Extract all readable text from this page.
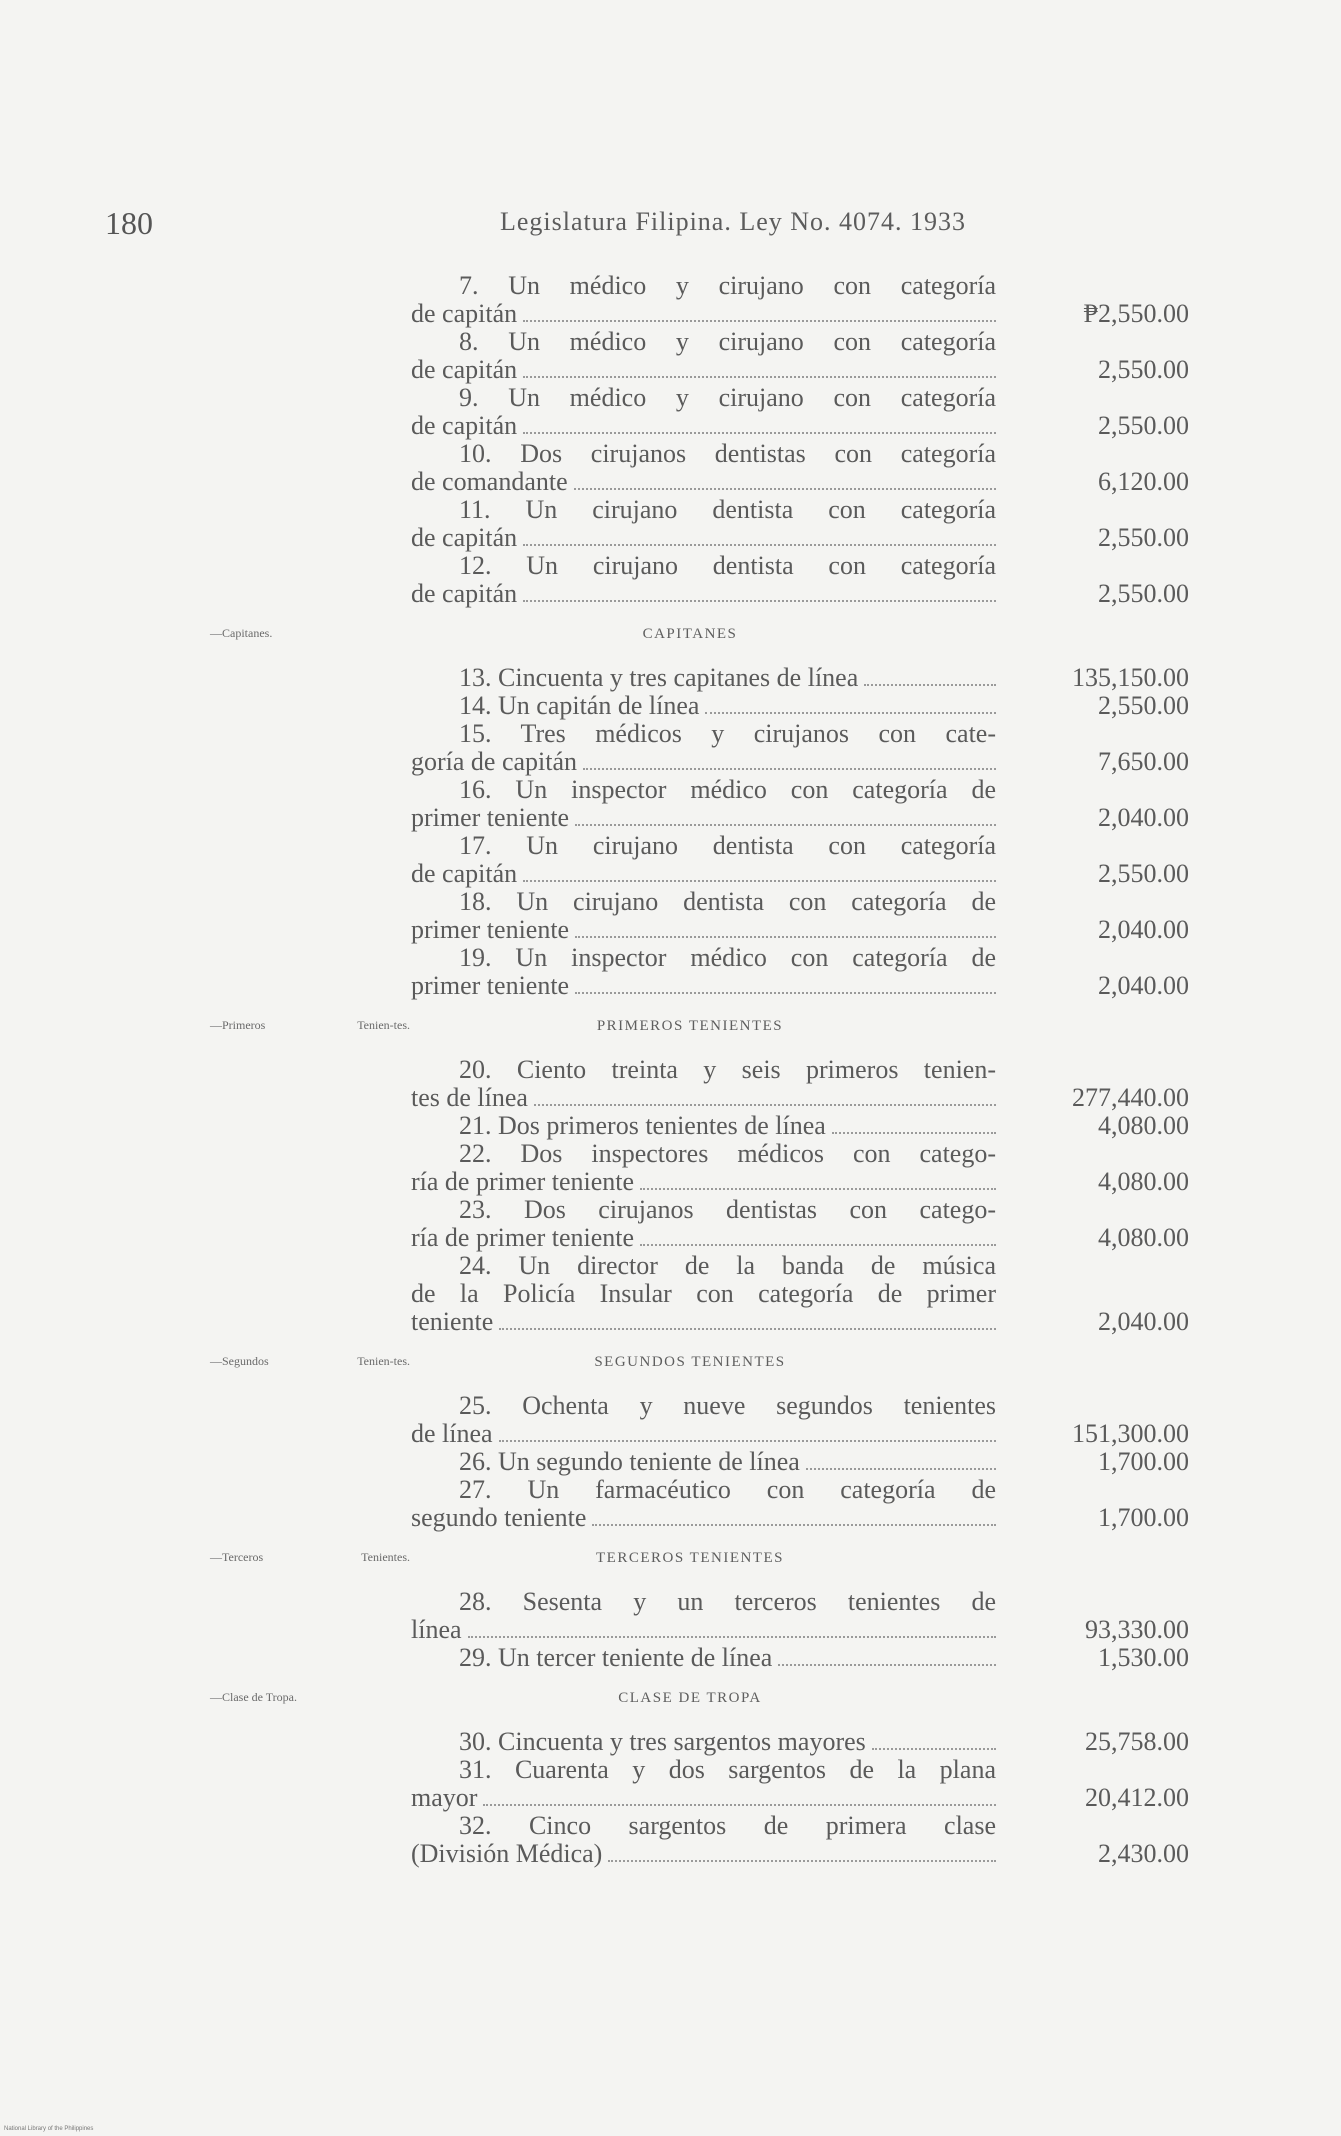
180	Legislatura Filipina. Ley No. 4074. 1933
7. Un médico y cirujano con categoría
de capitán	₱2,550.00
8. Un médico y cirujano con categoría
de capitán	2,550.00
9. Un médico y cirujano con categoría
de capitán	2,550.00
10. Dos cirujanos dentistas con categoría
de comandante	6,120.00
11. Un cirujano dentista con categoría
de capitán	2,550.00
12. Un cirujano dentista con categoría
de capitán	2,550.00
CAPITANES
—Capitanes.
13. Cincuenta y tres capitanes de línea	135,150.00
14. Un capitán de línea	2,550.00
15. Tres médicos y cirujanos con cate-
goría de capitán	7,650.00
16. Un inspector médico con categoría de
primer teniente	2,040.00
17. Un cirujano dentista con categoría
de capitán	2,550.00
18. Un cirujano dentista con categoría de
primer teniente	2,040.00
19. Un inspector médico con categoría de
primer teniente	2,040.00
PRIMEROS TENIENTES
—Primeros Tenien-tes.
20. Ciento treinta y seis primeros tenien-
tes de línea	277,440.00
21. Dos primeros tenientes de línea	4,080.00
22. Dos inspectores médicos con catego-
ría de primer teniente	4,080.00
23. Dos cirujanos dentistas con catego-
ría de primer teniente	4,080.00
24. Un director de la banda de música
de la Policía Insular con categoría de primer
teniente	2,040.00
SEGUNDOS TENIENTES
—Segundos Tenien-tes.
25. Ochenta y nueve segundos tenientes
de línea	151,300.00
26. Un segundo teniente de línea	1,700.00
27. Un farmacéutico con categoría de
segundo teniente	1,700.00
TERCEROS TENIENTES
—Terceros Tenientes.
28. Sesenta y un terceros tenientes de
línea	93,330.00
29. Un tercer teniente de línea	1,530.00
CLASE DE TROPA
—Clase de Tropa.
30. Cincuenta y tres sargentos mayores	25,758.00
31. Cuarenta y dos sargentos de la plana
mayor	20,412.00
32. Cinco sargentos de primera clase
(División Médica)	2,430.00
National Library of the Philippines
